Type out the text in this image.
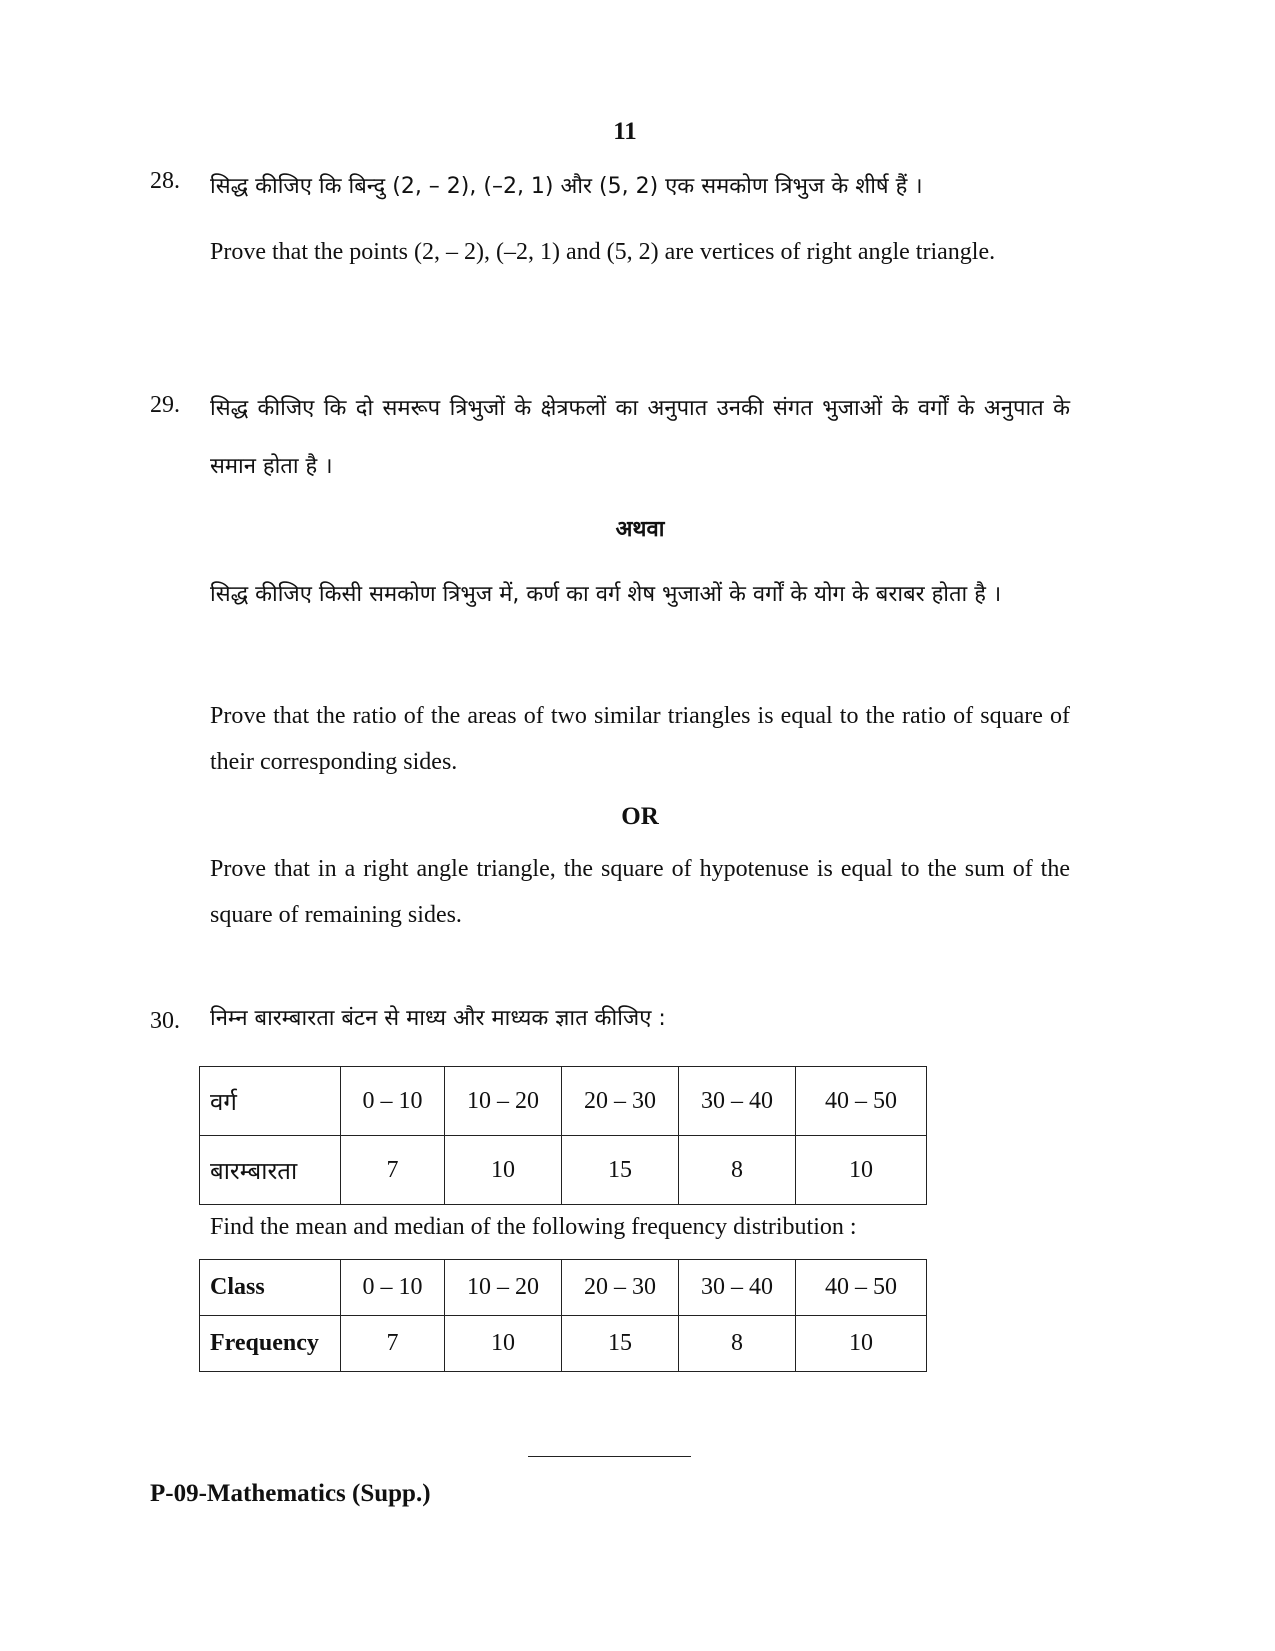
11
28. सिद्ध कीजिए कि बिन्दु (2, – 2), (–2, 1) और (5, 2) एक समकोण त्रिभुज के शीर्ष हैं ।
Prove that the points (2, – 2), (–2, 1) and (5, 2) are vertices of right angle triangle.
29. सिद्ध कीजिए कि दो समरूप त्रिभुजों के क्षेत्रफलों का अनुपात उनकी संगत भुजाओं के वर्गों के अनुपात के समान होता है ।
अथवा
सिद्ध कीजिए किसी समकोण त्रिभुज में, कर्ण का वर्ग शेष भुजाओं के वर्गों के योग के बराबर होता है ।
Prove that the ratio of the areas of two similar triangles is equal to the ratio of square of their corresponding sides.
OR
Prove that in a right angle triangle, the square of hypotenuse is equal to the sum of the square of remaining sides.
30. निम्न बारम्बारता बंटन से माध्य और माध्यक ज्ञात कीजिए :
वर्ग	0 – 10	10 – 20	20 – 30	30 – 40	40 – 50
बारम्बारता	7	10	15	8	10
Find the mean and median of the following frequency distribution :
Class	0 – 10	10 – 20	20 – 30	30 – 40	40 – 50
Frequency	7	10	15	8	10
P-09-Mathematics (Supp.)
